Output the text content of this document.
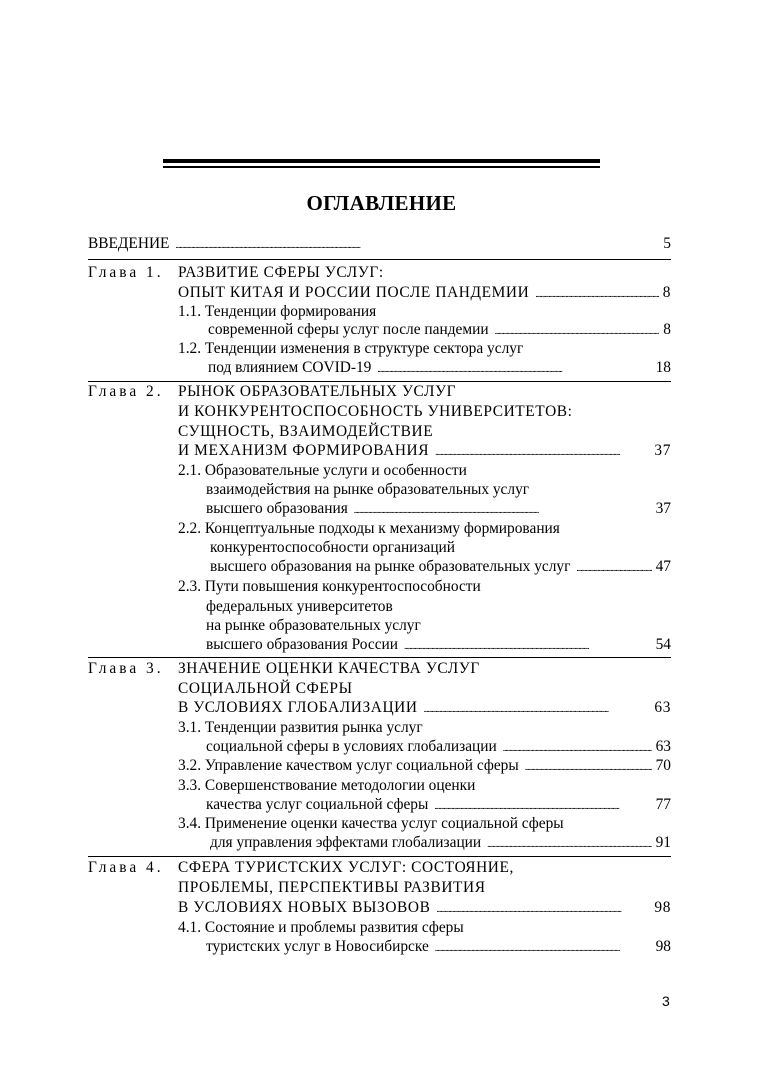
ОГЛАВЛЕНИЕ
ВВЕДЕНИЕ . . .	5
Глава 1. РАЗВИТИЕ СФЕРЫ УСЛУГ:
ОПЫТ КИТАЯ И РОССИИ ПОСЛЕ ПАНДЕМИИ . . .	8
1.1. Тенденции формирования
современной сферы услуг после пандемии . . .	8
1.2. Тенденции изменения в структуре сектора услуг
под влиянием COVID-19 . . .	18
Глава 2. РЫНОК ОБРАЗОВАТЕЛЬНЫХ УСЛУГ
И КОНКУРЕНТОСПОСОБНОСТЬ УНИВЕРСИТЕТОВ:
СУЩНОСТЬ, ВЗАИМОДЕЙСТВИЕ
И МЕХАНИЗМ ФОРМИРОВАНИЯ . . .	37
2.1. Образовательные услуги и особенности
взаимодействия на рынке образовательных услуг
высшего образования . . .	37
2.2. Концептуальные подходы к механизму формирования
конкурентоспособности организаций
высшего образования на рынке образовательных услуг . . .	47
2.3. Пути повышения конкурентоспособности
федеральных университетов
на рынке образовательных услуг
высшего образования России . . .	54
Глава 3. ЗНАЧЕНИЕ ОЦЕНКИ КАЧЕСТВА УСЛУГ
СОЦИАЛЬНОЙ СФЕРЫ
В УСЛОВИЯХ ГЛОБАЛИЗАЦИИ . . .	63
3.1. Тенденции развития рынка услуг
социальной сферы в условиях глобализации . . .	63
3.2. Управление качеством услуг социальной сферы . . .	70
3.3. Совершенствование методологии оценки
качества услуг социальной сферы . . .	77
3.4. Применение оценки качества услуг социальной сферы
для управления эффектами глобализации . . .	91
Глава 4. СФЕРА ТУРИСТСКИХ УСЛУГ: СОСТОЯНИЕ,
ПРОБЛЕМЫ, ПЕРСПЕКТИВЫ РАЗВИТИЯ
В УСЛОВИЯХ НОВЫХ ВЫЗОВОВ . . .	98
4.1. Состояние и проблемы развития сферы
туристских услуг в Новосибирске . . .	98
3
